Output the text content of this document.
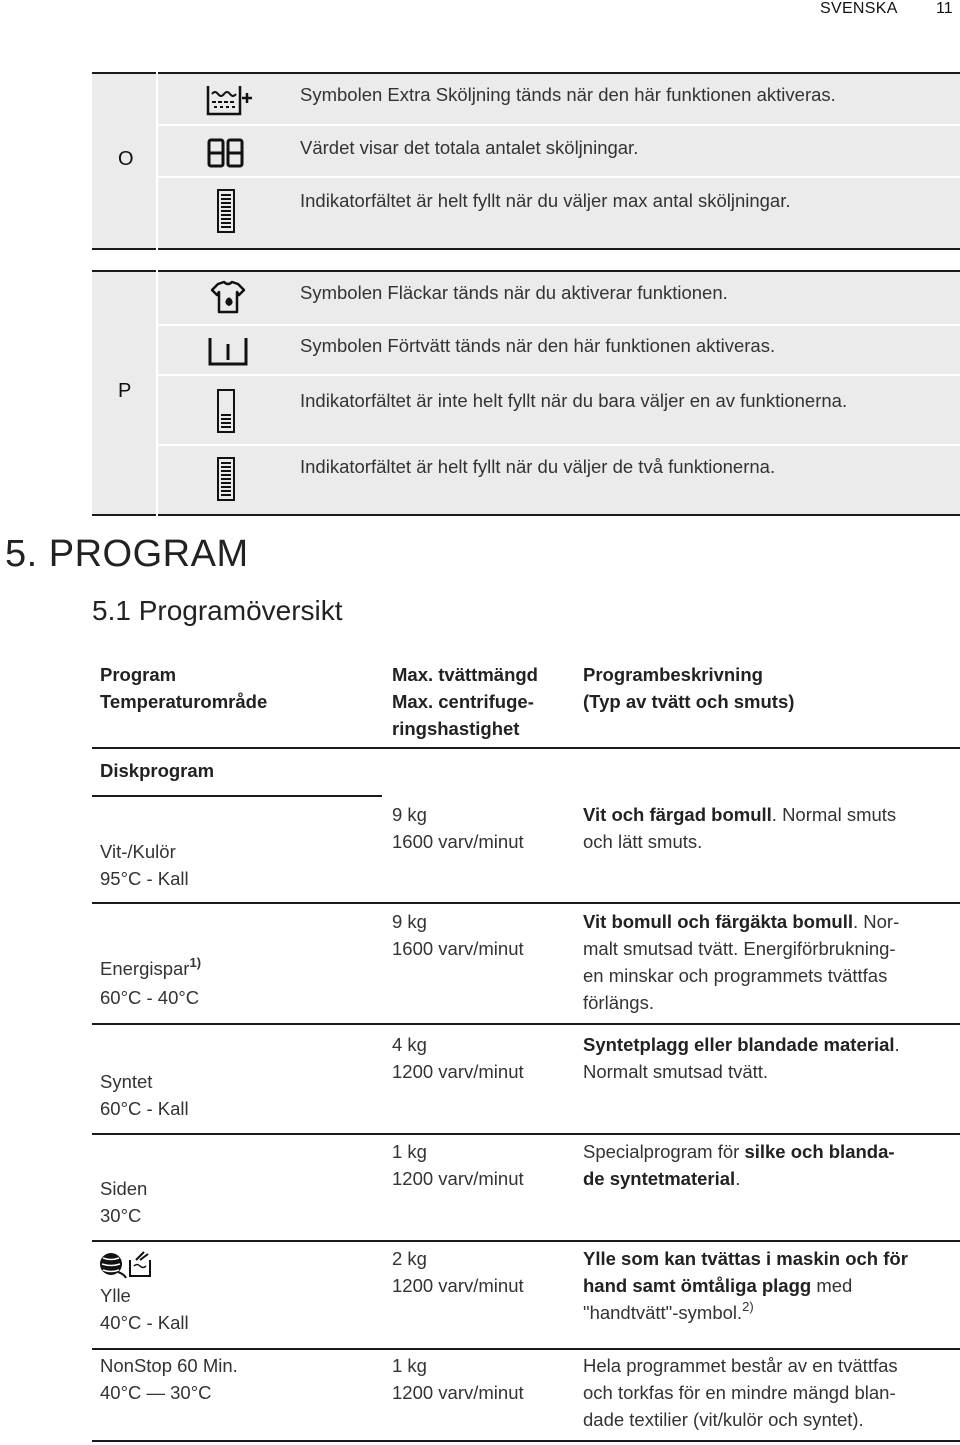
SVENSKA 11
O
Symbolen Extra Sköljning tänds när den här funktionen aktiveras.
Värdet visar det totala antalet sköljningar.
Indikatorfältet är helt fyllt när du väljer max antal sköljningar.
P
Symbolen Fläckar tänds när du aktiverar funktionen.
Symbolen Förtvätt tänds när den här funktionen aktiveras.
Indikatorfältet är inte helt fyllt när du bara väljer en av funktionerna.
Indikatorfältet är helt fyllt när du väljer de två funktionerna.
5. PROGRAM
5.1 Programöversikt
Program
Temperaturområde
Max. tvättmängd
Max. centrifuge-
ringshastighet
Programbeskrivning
(Typ av tvätt och smuts)
Diskprogram
Vit-/Kulör
95°C - Kall
9 kg
1600 varv/minut
Vit och färgad bomull. Normal smuts
och lätt smuts.
Energispar$^{1)}$
60°C - 40°C
9 kg
1600 varv/minut
Vit bomull och färgäkta bomull. Nor-
malt smutsad tvätt. Energiförbrukning-
en minskar och programmets tvättfas
förlängs.
Syntet
60°C - Kall
4 kg
1200 varv/minut
Syntetplagg eller blandade material.
Normalt smutsad tvätt.
Siden
30°C
1 kg
1200 varv/minut
Specialprogram för silke och blanda-
de syntetmaterial.
Ylle
40°C - Kall
2 kg
1200 varv/minut
Ylle som kan tvättas i maskin och för
hand samt ömtåliga plagg med
"handtvätt"-symbol.$^{2)}$
NonStop 60 Min.
40°C — 30°C
1 kg
1200 varv/minut
Hela programmet består av en tvättfas
och torkfas för en mindre mängd blan-
dade textilier (vit/kulör och syntet).
